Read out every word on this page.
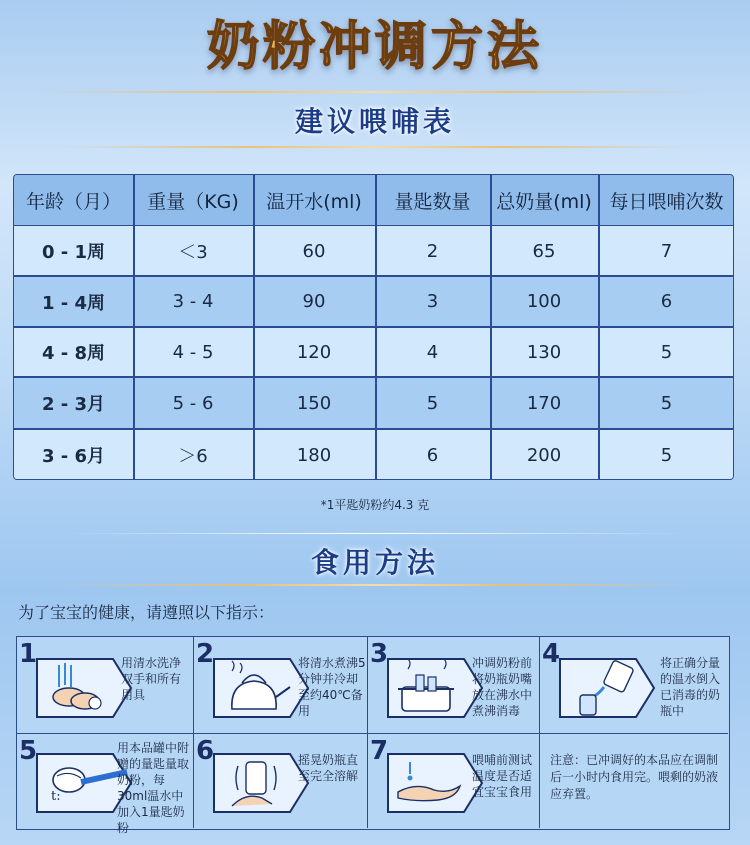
奶粉冲调方法
建议喂哺表
年龄（月）	重量（KG)	温开水(ml)	量匙数量	总奶量(ml) 每日喂哺次数
0 - 1周	＜3	60	2	65	7
1 - 4周	3 - 4	90	3	100	6
4 - 8周	4 - 5	120	4	130	5
2 - 3月	5 - 6	150	5	170	5
3 - 6月	＞6	180	6	200	5
*1平匙奶粉约4.3 克
食用方法
为了宝宝的健康，请遵照以下指示：
1	用清水洗净双手和所有用具
2	将清水煮沸5分钟并冷却至约40℃备用
3	冲调奶粉前将奶瓶奶嘴放在沸水中煮沸消毒
4	将正确分量的温水倒入已消毒的奶瓶中
5
t:
用本品罐中附赠的量匙量取奶粉，每30ml温水中加入1量匙奶粉
6	摇晃奶瓶直至完全溶解
7	喂哺前测试温度是否适宜宝宝食用
注意：已冲调好的本品应在调制后一小时内食用完。喂剩的奶液应弃置。
